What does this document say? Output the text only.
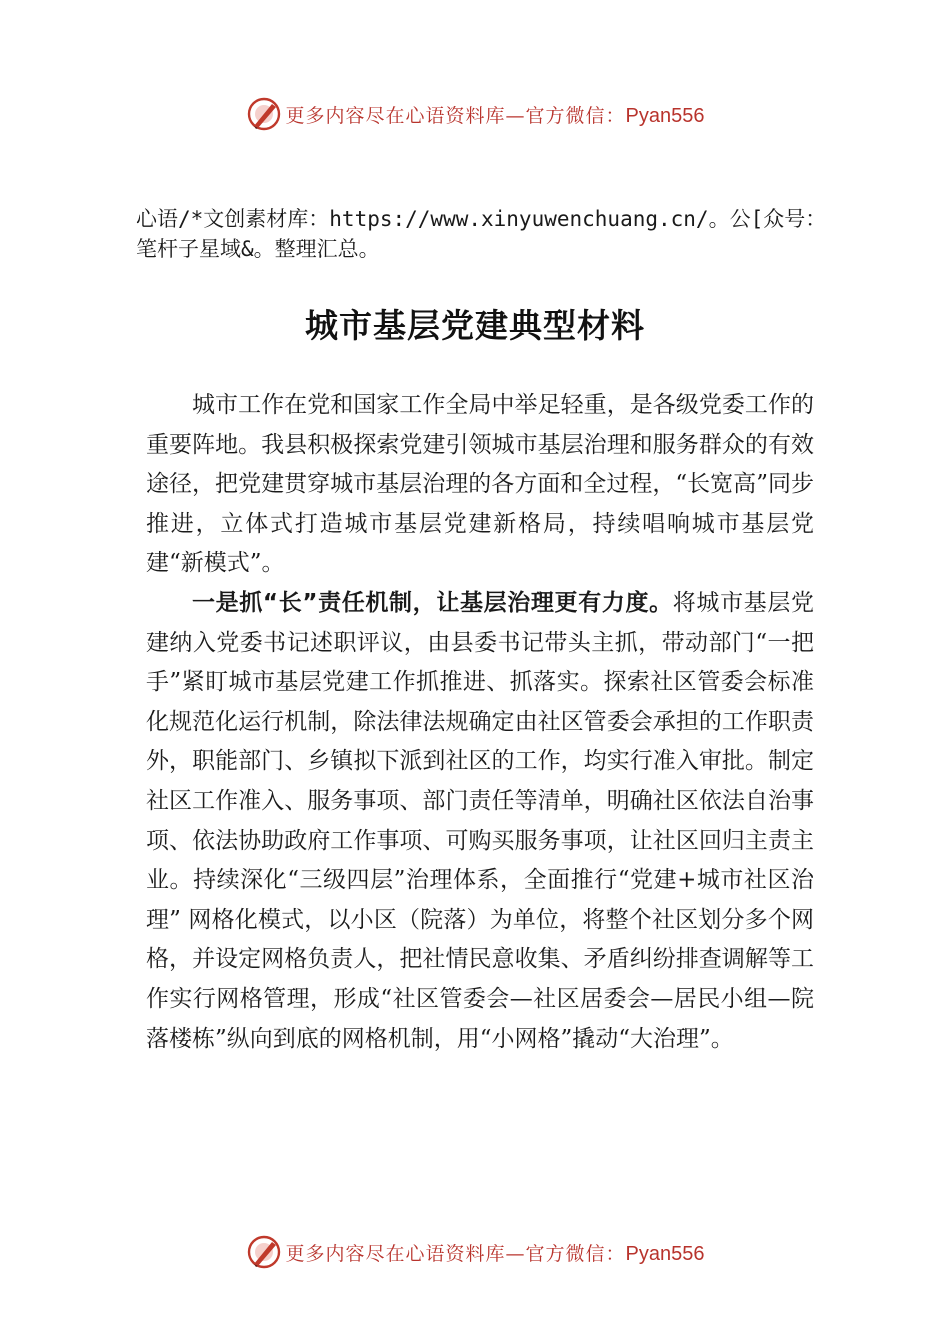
更多内容尽在心语资料库—官方微信：Pyan556
心语/*文创素材库：https://www.xinyuwenchuang.cn/。公[众号：笔杆子星域&。整理汇总。
城市基层党建典型材料

城市工作在党和国家工作全局中举足轻重，是各级党委工作的重要阵地。我县积极探索党建引领城市基层治理和服务群众的有效途径，把党建贯穿城市基层治理的各方面和全过程，“长宽高”同步推进，立体式打造城市基层党建新格局，持续唱响城市基层党建“新模式”。

一是抓“长”责任机制，让基层治理更有力度。将城市基层党建纳入党委书记述职评议，由县委书记带头主抓，带动部门“一把手”紧盯城市基层党建工作抓推进、抓落实。探索社区管委会标准化规范化运行机制，除法律法规确定由社区管委会承担的工作职责外，职能部门、乡镇拟下派到社区的工作，均实行准入审批。制定社区工作准入、服务事项、部门责任等清单，明确社区依法自治事项、依法协助政府工作事项、可购买服务事项，让社区回归主责主业。持续深化“三级四层”治理体系，全面推行“党建+城市社区治理” 网格化模式，以小区（院落）为单位，将整个社区划分多个网格，并设定网格负责人，把社情民意收集、矛盾纠纷排查调解等工作实行网格管理，形成“社区管委会—社区居委会—居民小组—院落楼栋”纵向到底的网格机制，用“小网格”撬动“大治理”。

更多内容尽在心语资料库—官方微信：Pyan556
